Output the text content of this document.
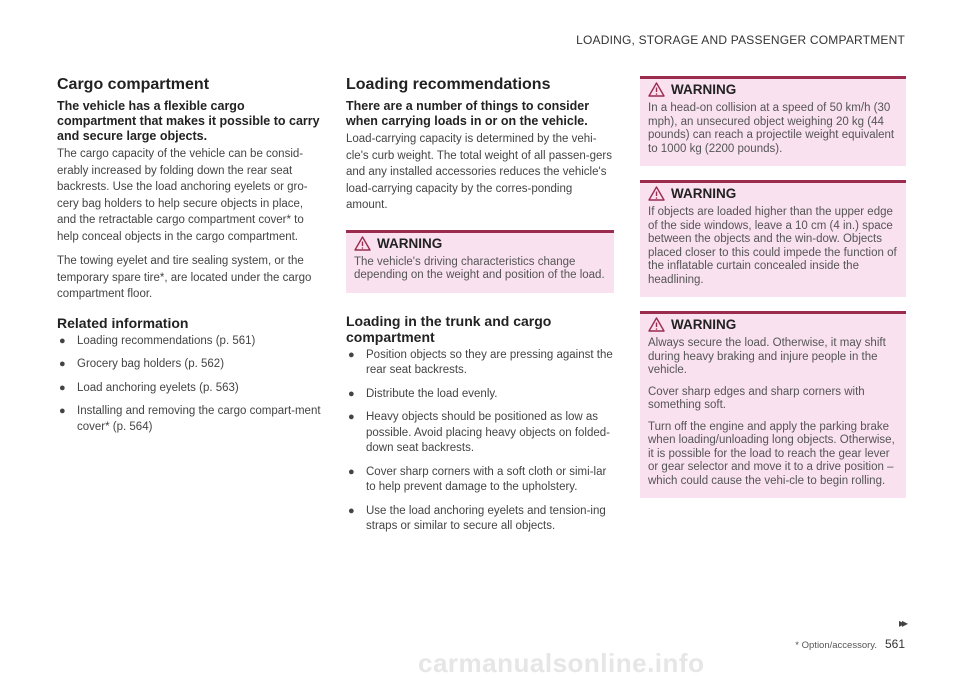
LOADING, STORAGE AND PASSENGER COMPARTMENT
Cargo compartment

The vehicle has a flexible cargo compartment that makes it possible to carry and secure large objects.

The cargo capacity of the vehicle can be consid-erably increased by folding down the rear seat backrests. Use the load anchoring eyelets or gro-cery bag holders to help secure objects in place, and the retractable cargo compartment cover* to help conceal objects in the cargo compartment.

The towing eyelet and tire sealing system, or the temporary spare tire*, are located under the cargo compartment floor.

Related information
● Loading recommendations (p. 561)
● Grocery bag holders (p. 562)
● Load anchoring eyelets (p. 563)
● Installing and removing the cargo compart-ment cover* (p. 564)
Loading recommendations

There are a number of things to consider when carrying loads in or on the vehicle.

Load-carrying capacity is determined by the vehi-cle's curb weight. The total weight of all passen-gers and any installed accessories reduces the vehicle's load-carrying capacity by the corres-ponding amount.

WARNING

The vehicle's driving characteristics change depending on the weight and position of the load.

Loading in the trunk and cargo compartment
● Position objects so they are pressing against the rear seat backrests.
● Distribute the load evenly.
● Heavy objects should be positioned as low as possible. Avoid placing heavy objects on folded-down seat backrests.
● Cover sharp corners with a soft cloth or simi-lar to help prevent damage to the upholstery.
● Use the load anchoring eyelets and tension-ing straps or similar to secure all objects.
WARNING

In a head-on collision at a speed of 50 km/h (30 mph), an unsecured object weighing 20 kg (44 pounds) can reach a projectile weight equivalent to 1000 kg (2200 pounds).

WARNING

If objects are loaded higher than the upper edge of the side windows, leave a 10 cm (4 in.) space between the objects and the win-dow. Objects placed closer to this could impede the function of the inflatable curtain concealed inside the headlining.

WARNING

Always secure the load. Otherwise, it may shift during heavy braking and injure people in the vehicle.

Cover sharp edges and sharp corners with something soft.

Turn off the engine and apply the parking brake when loading/unloading long objects. Otherwise, it is possible for the load to reach the gear lever or gear selector and move it to a drive position – which could cause the vehi-cle to begin rolling.

▸▸
* Option/accessory. 561
carmanualsonline.info
